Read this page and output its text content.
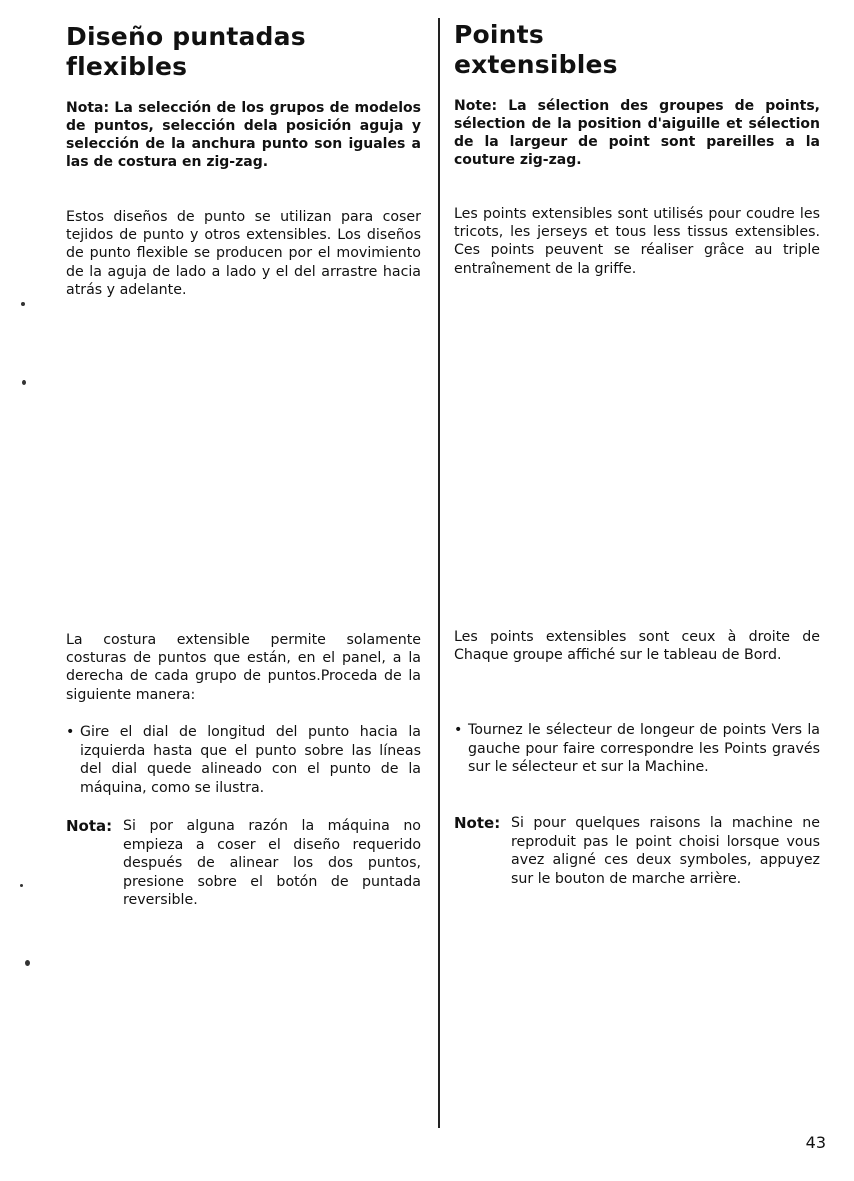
Diseño puntadas
flexibles

Nota: La selección de los grupos de modelos de puntos, selección dela posición aguja y selección de la anchura punto son iguales a las de costura en zig-zag.

Estos diseños de punto se utilizan para coser tejidos de punto y otros extensibles. Los diseños de punto flexible se producen por el movimiento de la aguja de lado a lado y el del arrastre hacia atrás y adelante.

La costura extensible permite solamente costuras de puntos que están, en el panel, a la derecha de cada grupo de puntos.Proceda de la siguiente manera:

• Gire el dial de longitud del punto hacia la izquierda hasta que el punto sobre las líneas del dial quede alineado con el punto de la máquina, como se ilustra.
Nota: Si por alguna razón la máquina no empieza a coser el diseño requerido después de alinear los dos puntos, presione sobre el botón de puntada reversible.
Points
extensibles

Note: La sélection des groupes de points, sélection de la position d'aiguille et sélection de la largeur de point sont pareilles a la couture zig-zag.

Les points extensibles sont utilisés pour coudre les tricots, les jerseys et tous less tissus extensibles. Ces points peuvent se réaliser grâce au triple entraînement de la griffe.

Les points extensibles sont ceux à droite de Chaque groupe affiché sur le tableau de Bord.

• Tournez le sélecteur de longeur de points Vers la gauche pour faire correspondre les Points gravés sur le sélecteur et sur la Machine.
Note: Si pour quelques raisons la machine ne reproduit pas le point choisi lorsque vous avez aligné ces deux symboles, appuyez sur le bouton de marche arrière.
43
